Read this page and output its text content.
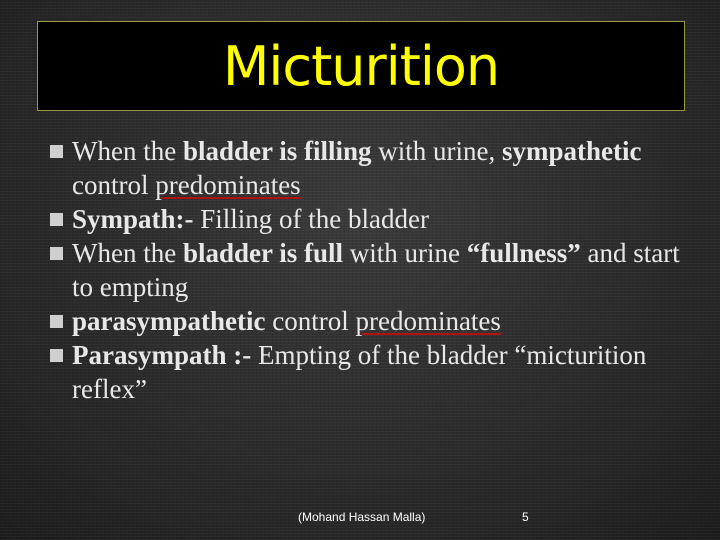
Micturition
When the bladder is filling with urine, sympathetic control predominates
Sympath:- Filling of the bladder
When the bladder is full with urine “fullness” and start to empting
parasympathetic control predominates
Parasympath :- Empting of the bladder “micturition reflex”
(Mohand Hassan Malla)	5
